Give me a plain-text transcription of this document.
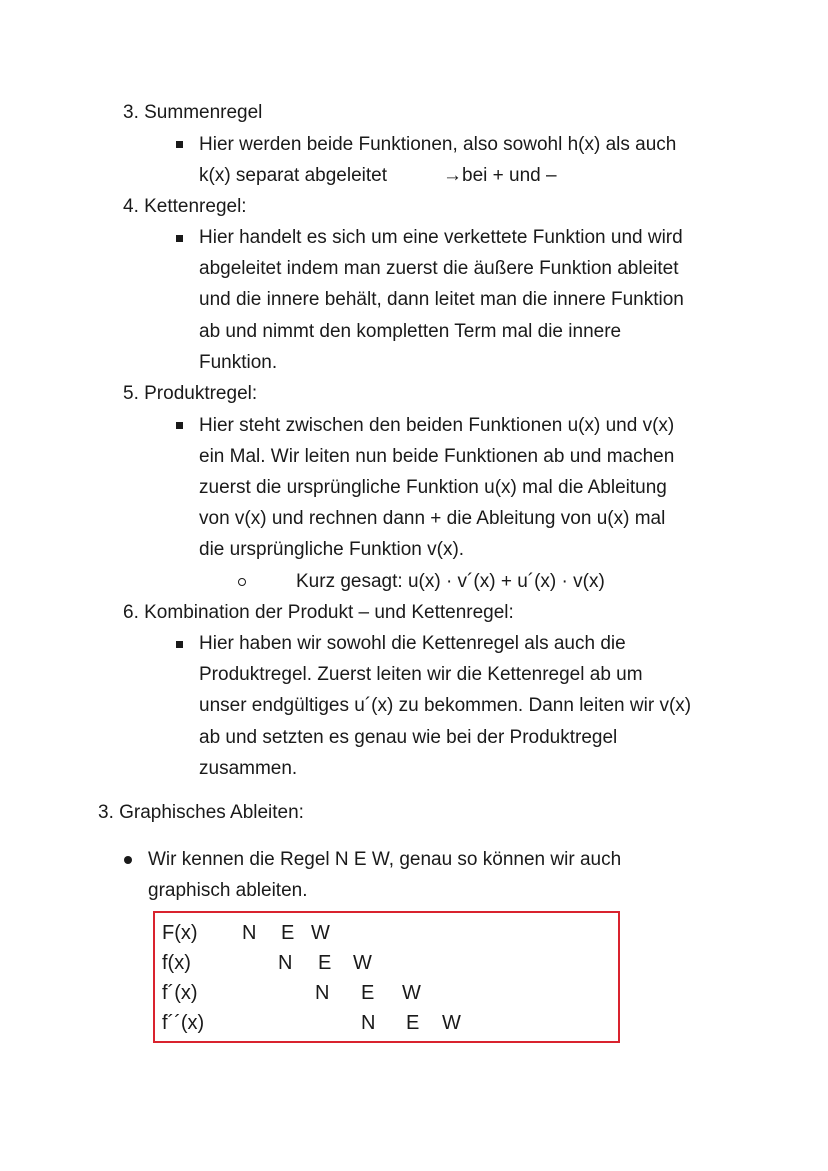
3. Summenregel
Hier werden beide Funktionen, also sowohl h(x) als auch
k(x) separat abgeleitet	→bei + und –
4. Kettenregel:
Hier handelt es sich um eine verkettete Funktion und wird
abgeleitet indem man zuerst die äußere Funktion ableitet
und die innere behält, dann leitet man die innere Funktion
ab und nimmt den kompletten Term mal die innere
Funktion.
5. Produktregel:
Hier steht zwischen den beiden Funktionen u(x) und v(x)
ein Mal. Wir leiten nun beide Funktionen ab und machen
zuerst die ursprüngliche Funktion u(x) mal die Ableitung
von v(x) und rechnen dann + die Ableitung von u(x) mal
die ursprüngliche Funktion v(x).
Kurz gesagt: u(x) · v´(x) + u´(x) · v(x)
6. Kombination der Produkt – und Kettenregel:
Hier haben wir sowohl die Kettenregel als auch die
Produktregel. Zuerst leiten wir die Kettenregel ab um
unser endgültiges u´(x) zu bekommen. Dann leiten wir v(x)
ab und setzten es genau wie bei der Produktregel
zusammen.
3. Graphisches Ableiten:
Wir kennen die Regel N E W, genau so können wir auch
graphisch ableiten.
F(x) N E W
f(x)	N E W
f´(x)	N E W
f´´(x)	N E W
